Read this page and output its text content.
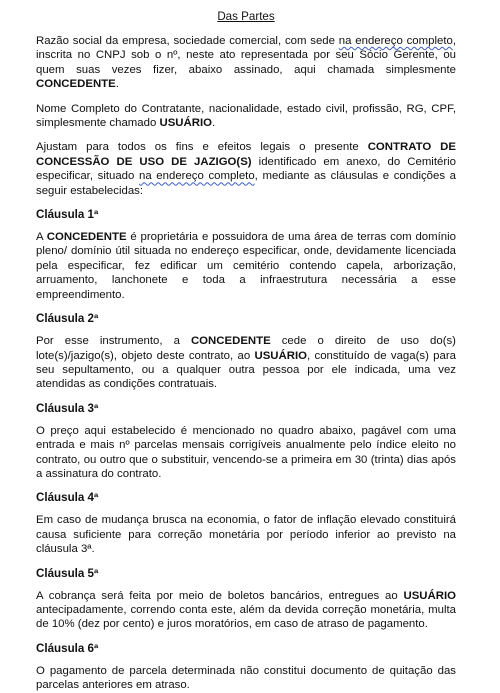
Das Partes

Razão social da empresa, sociedade comercial, com sede na endereço completo, inscrita no CNPJ sob o nº, neste ato representada por seu Sócio Gerente, ou quem suas vezes fizer, abaixo assinado, aqui chamada simplesmente CONCEDENTE.

Nome Completo do Contratante, nacionalidade, estado civil, profissão, RG, CPF, simplesmente chamado USUÁRIO.

Ajustam para todos os fins e efeitos legais o presente CONTRATO DE CONCESSÃO DE USO DE JAZIGO(S) identificado em anexo, do Cemitério especificar, situado na endereço completo, mediante as cláusulas e condições a seguir estabelecidas:

Cláusula 1ª

A CONCEDENTE é proprietária e possuidora de uma área de terras com domínio pleno/ domínio útil situada no endereço especificar, onde, devidamente licenciada pela especificar, fez edificar um cemitério contendo capela, arborização, arruamento, lanchonete e toda a infraestrutura necessária a esse empreendimento.

Cláusula 2ª

Por esse instrumento, a CONCEDENTE cede o direito de uso do(s) lote(s)/jazigo(s), objeto deste contrato, ao USUÁRIO, constituído de vaga(s) para seu sepultamento, ou a qualquer outra pessoa por ele indicada, uma vez atendidas as condições contratuais.

Cláusula 3ª

O preço aqui estabelecido é mencionado no quadro abaixo, pagável com uma entrada e mais nº parcelas mensais corrigíveis anualmente pelo índice eleito no contrato, ou outro que o substituir, vencendo-se a primeira em 30 (trinta) dias após a assinatura do contrato.

Cláusula 4ª

Em caso de mudança brusca na economia, o fator de inflação elevado constituirá causa suficiente para correção monetária por período inferior ao previsto na cláusula 3ª.

Cláusula 5ª

A cobrança será feita por meio de boletos bancários, entregues ao USUÁRIO antecipadamente, correndo conta este, além da devida correção monetária, multa de 10% (dez por cento) e juros moratórios, em caso de atraso de pagamento.

Cláusula 6ª

O pagamento de parcela determinada não constitui documento de quitação das parcelas anteriores em atraso.
